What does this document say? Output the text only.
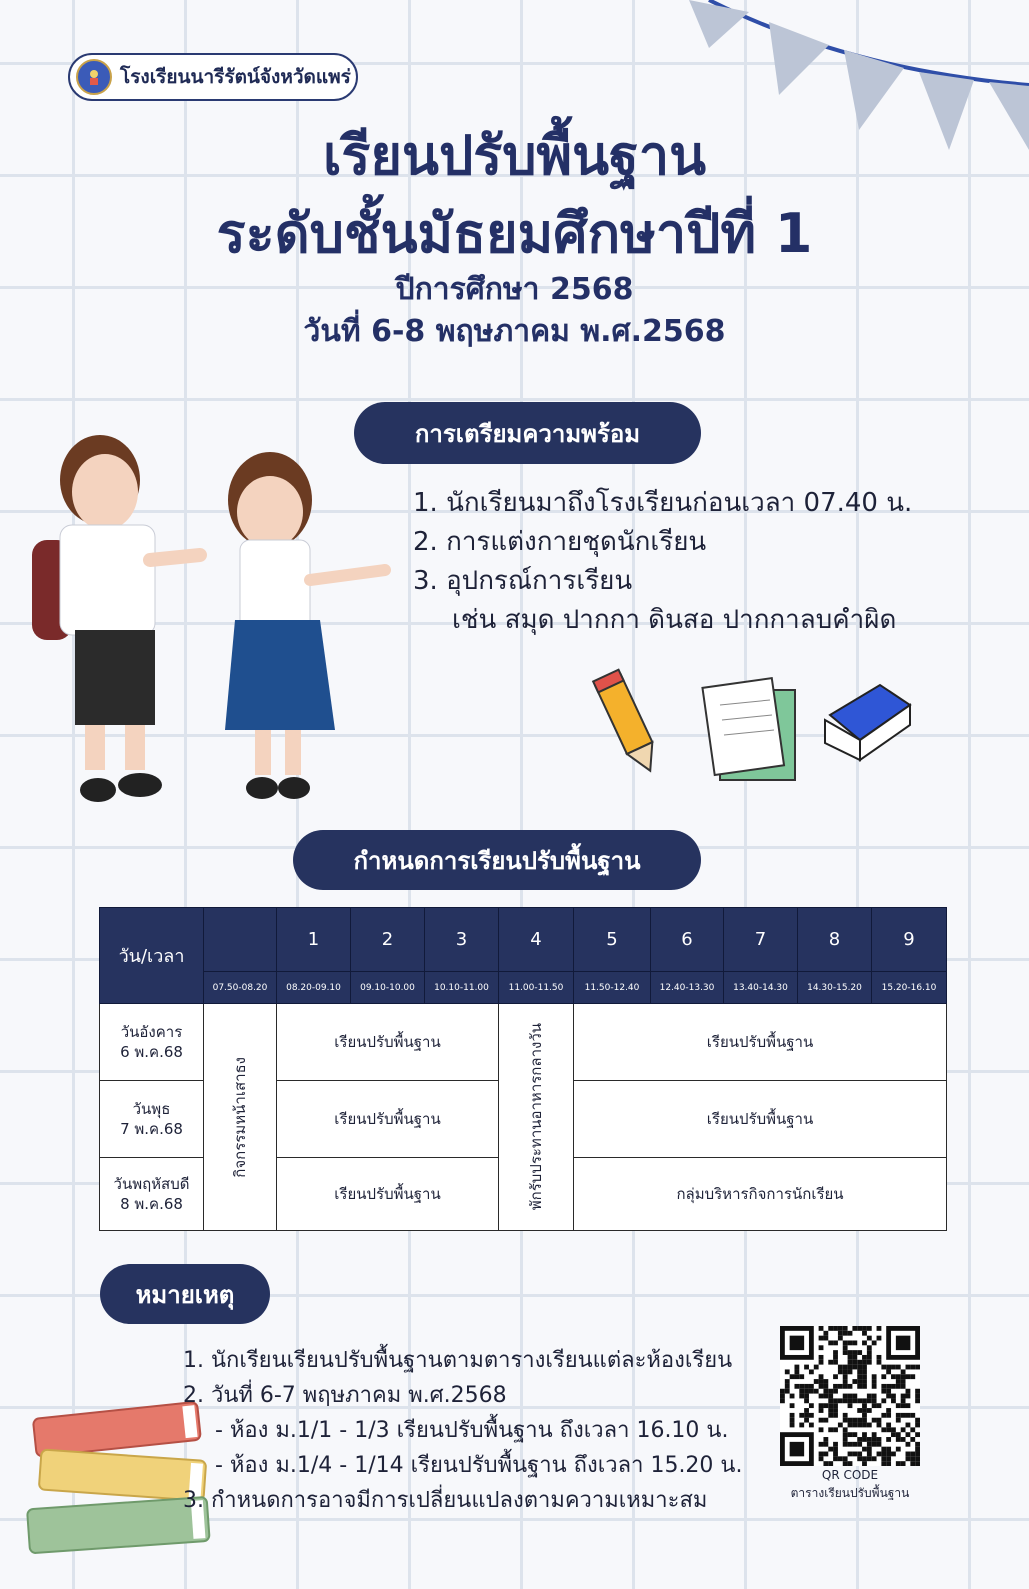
โรงเรียนนารีรัตน์จังหวัดแพร่
เรียนปรับพื้นฐาน
ระดับชั้นมัธยมศึกษาปีที่ 1
ปีการศึกษา 2568
วันที่ 6-8 พฤษภาคม พ.ศ.2568
การเตรียมความพร้อม
1. นักเรียนมาถึงโรงเรียนก่อนเวลา 07.40 น.
2. การแต่งกายชุดนักเรียน
3. อุปกรณ์การเรียน
เช่น สมุด ปากกา ดินสอ ปากกาลบคำผิด
กำหนดการเรียนปรับพื้นฐาน
วัน/เวลา		1	2	3	4	5	6	7	8	9
	07.50-08.20	08.20-09.10	09.10-10.00	10.10-11.00	11.00-11.50	11.50-12.40	12.40-13.30	13.40-14.30	14.30-15.20	15.20-16.10

วันอังคาร
6 พ.ค.68	กิจกรรมหน้าเสาธง	เรียนปรับพื้นฐาน			พักรับประทานอาหารกลางวัน	เรียนปรับพื้นฐาน				

วันพุธ
7 พ.ค.68		เรียนปรับพื้นฐาน				เรียนปรับพื้นฐาน				

วันพฤหัสบดี
8 พ.ค.68		เรียนปรับพื้นฐาน				กลุ่มบริหารกิจการนักเรียน				
หมายเหตุ
1. นักเรียนเรียนปรับพื้นฐานตามตารางเรียนแต่ละห้องเรียน
2. วันที่ 6-7 พฤษภาคม พ.ศ.2568
- ห้อง ม.1/1 - 1/3 เรียนปรับพื้นฐาน ถึงเวลา 16.10 น.
- ห้อง ม.1/4 - 1/14 เรียนปรับพื้นฐาน ถึงเวลา 15.20 น.
3. กำหนดการอาจมีการเปลี่ยนแปลงตามความเหมาะสม
QR CODE
ตารางเรียนปรับพื้นฐาน
